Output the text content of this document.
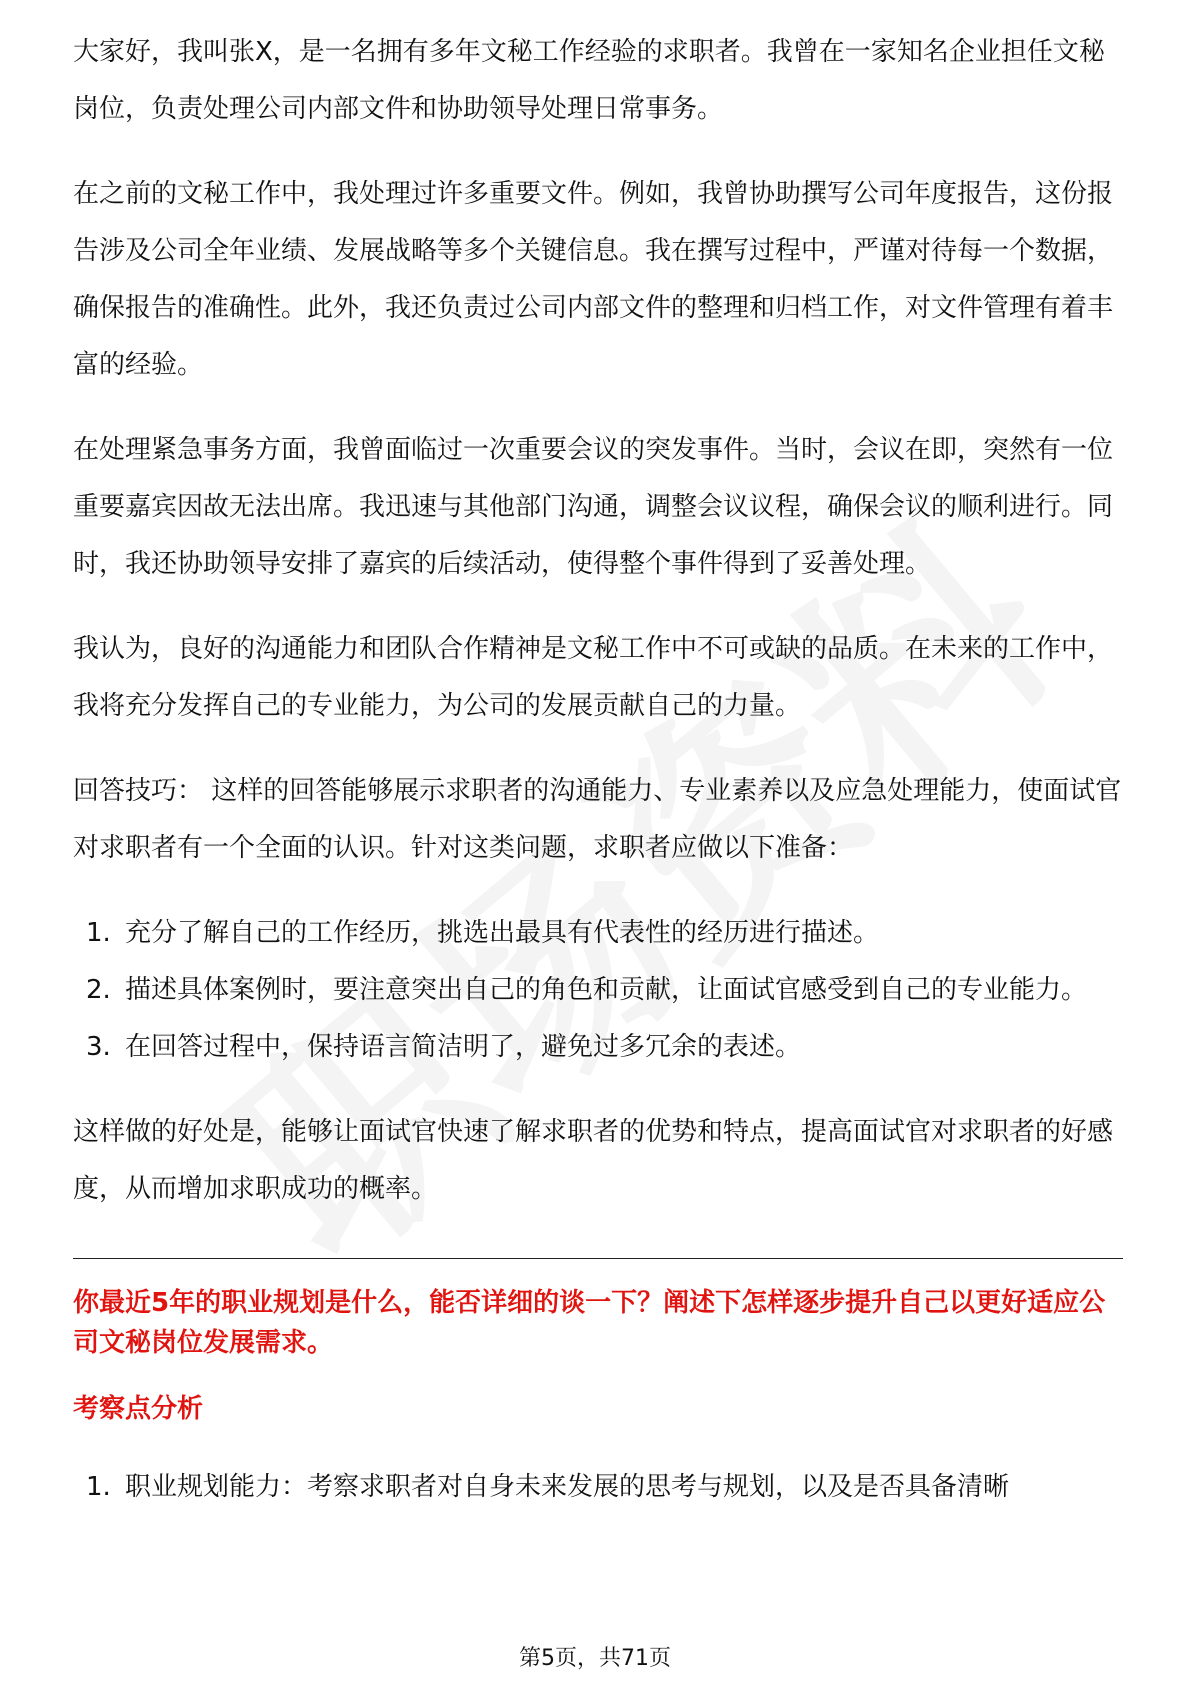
大家好，我叫张X，是一名拥有多年文秘工作经验的求职者。我曾在一家知名企业担任文秘岗位，负责处理公司内部文件和协助领导处理日常事务。

在之前的文秘工作中，我处理过许多重要文件。例如，我曾协助撰写公司年度报告，这份报告涉及公司全年业绩、发展战略等多个关键信息。我在撰写过程中，严谨对待每一个数据，确保报告的准确性。此外，我还负责过公司内部文件的整理和归档工作，对文件管理有着丰富的经验。

在处理紧急事务方面，我曾面临过一次重要会议的突发事件。当时，会议在即，突然有一位重要嘉宾因故无法出席。我迅速与其他部门沟通，调整会议议程，确保会议的顺利进行。同时，我还协助领导安排了嘉宾的后续活动，使得整个事件得到了妥善处理。

我认为，良好的沟通能力和团队合作精神是文秘工作中不可或缺的品质。在未来的工作中，我将充分发挥自己的专业能力，为公司的发展贡献自己的力量。

回答技巧： 这样的回答能够展示求职者的沟通能力、专业素养以及应急处理能力，使面试官对求职者有一个全面的认识。针对这类问题，求职者应做以下准备：

1. 充分了解自己的工作经历，挑选出最具有代表性的经历进行描述。
2. 描述具体案例时，要注意突出自己的角色和贡献，让面试官感受到自己的专业能力。
3. 在回答过程中，保持语言简洁明了，避免过多冗余的表述。

这样做的好处是，能够让面试官快速了解求职者的优势和特点，提高面试官对求职者的好感度，从而增加求职成功的概率。

你最近5年的职业规划是什么，能否详细的谈一下？阐述下怎样逐步提升自己以更好适应公司文秘岗位发展需求。
考察点分析
1. 职业规划能力：考察求职者对自身未来发展的思考与规划，以及是否具备清晰
第5页，共71页
